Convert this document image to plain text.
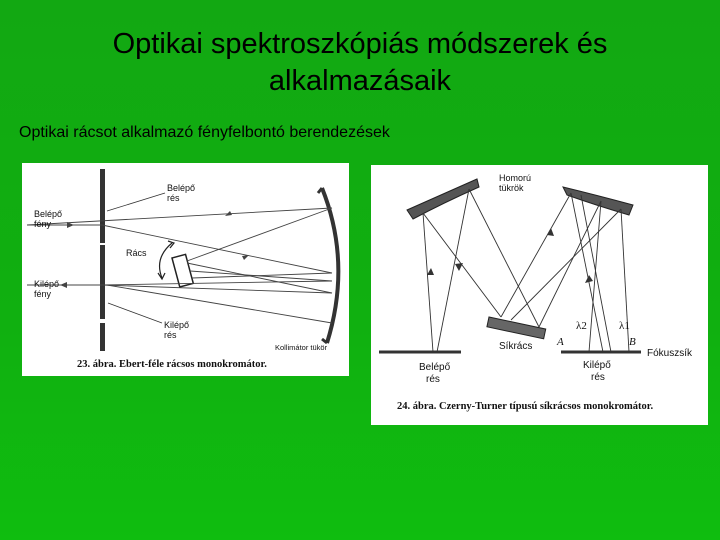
Optikai spektroszkópiás módszerek és
alkalmazásaik
Optikai rácsot alkalmazó fényfelbontó berendezések
Belépő
rés
Belépő
fény
Rács
Kilépő
fény
Kilépő
rés
Kollimátor tükör
23. ábra. Ebert-féle rácsos monokromátor.
Homorú
tükrök
λ2	λ1
Síkrács A	B
Fókuszsík
Belépő
rés
Kilépő
rés
24. ábra. Czerny-Turner típusú síkrácsos monokromátor.
